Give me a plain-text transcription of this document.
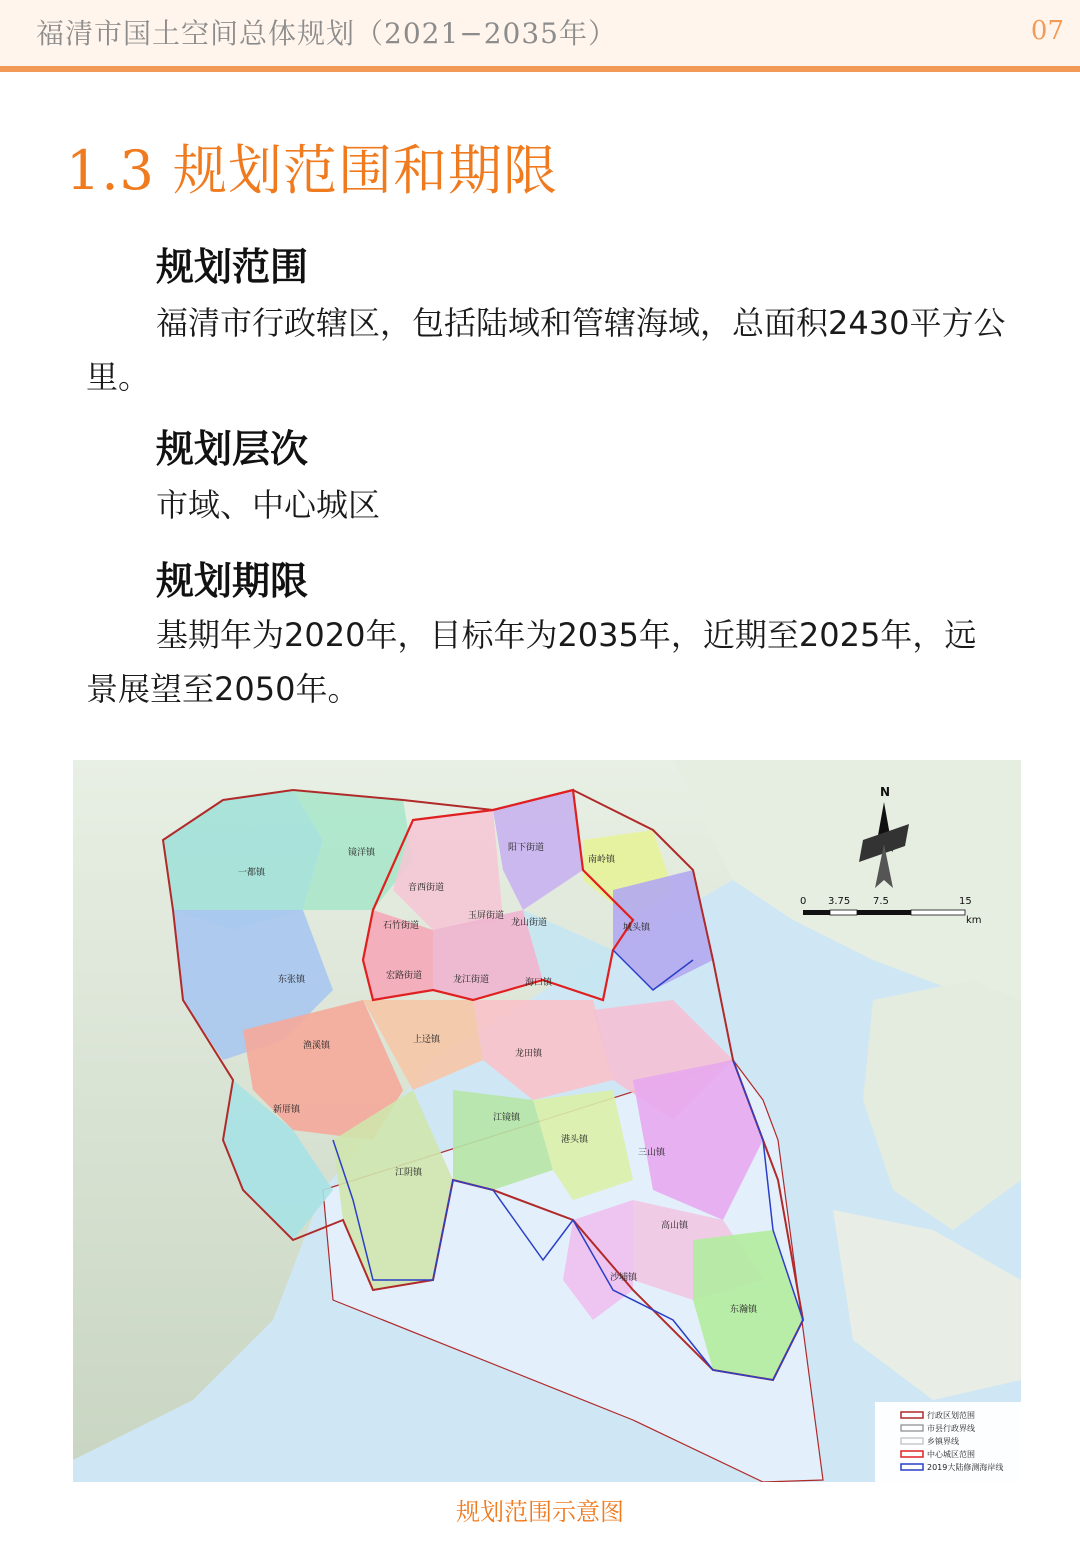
福清市国土空间总体规划（2021−2035年）	07
1.3 规划范围和期限
规划范围

福清市行政辖区，包括陆域和管辖海域，总面积2430平方公里。

规划层次

市域、中心城区

规划期限

基期年为2020年，目标年为2035年，近期至2025年，远景展望至2050年。

一都镇
镜洋镇
音西街道
阳下街道
南岭镇
石竹街道
玉屏街道
龙山街道	城头镇
东张镇	宏路街道	龙江街道	海口镇
渔溪镇
上迳镇
龙田镇
新厝镇
江镜镇
港头镇
三山镇
江阴镇
高山镇
沙埔镇
东瀚镇
N
0 3.75 7.5	15
km
行政区划范围
市县行政界线
乡镇界线
中心城区范围
2019大陆修测海岸线
规划范围示意图
